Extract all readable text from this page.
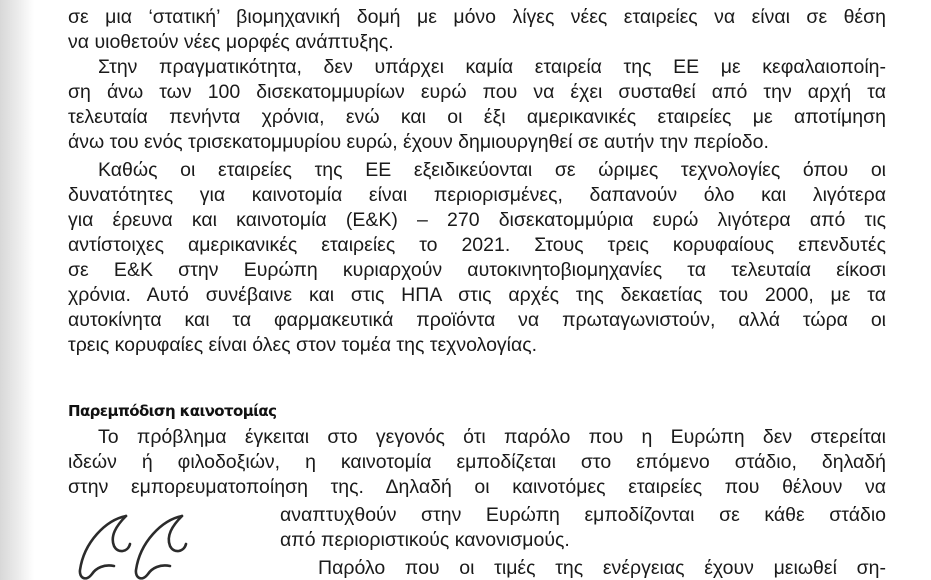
σε μια ‘στατική’ βιομηχανική δομή με μόνο λίγες νέες εταιρείες να είναι σε θέση
να υιοθετούν νέες μορφές ανάπτυξης.
Στην πραγματικότητα, δεν υπάρχει καμία εταιρεία της ΕΕ με κεφαλαιοποίη-
ση άνω των 100 δισεκατομμυρίων ευρώ που να έχει συσταθεί από την αρχή τα
τελευταία πενήντα χρόνια, ενώ και οι έξι αμερικανικές εταιρείες με αποτίμηση
άνω του ενός τρισεκατομμυρίου ευρώ, έχουν δημιουργηθεί σε αυτήν την περίοδο.
Καθώς οι εταιρείες της ΕΕ εξειδικεύονται σε ώριμες τεχνολογίες όπου οι
δυνατότητες για καινοτομία είναι περιορισμένες, δαπανούν όλο και λιγότερα
για έρευνα και καινοτομία (Ε&Κ) – 270 δισεκατομμύρια ευρώ λιγότερα από τις
αντίστοιχες αμερικανικές εταιρείες το 2021. Στους τρεις κορυφαίους επενδυτές
σε Ε&Κ στην Ευρώπη κυριαρχούν αυτοκινητοβιομηχανίες τα τελευταία είκοσι
χρόνια. Αυτό συνέβαινε και στις ΗΠΑ στις αρχές της δεκαετίας του 2000, με τα
αυτοκίνητα και τα φαρμακευτικά προϊόντα να πρωταγωνιστούν, αλλά τώρα οι
τρεις κορυφαίες είναι όλες στον τομέα της τεχνολογίας.
Παρεμπόδιση καινοτομίας
Το πρόβλημα έγκειται στο γεγονός ότι παρόλο που η Ευρώπη δεν στερείται
ιδεών ή φιλοδοξιών, η καινοτομία εμποδίζεται στο επόμενο στάδιο, δηλαδή
στην εμπορευματοποίηση της. Δηλαδή οι καινοτόμες εταιρείες που θέλουν να
αναπτυχθούν στην Ευρώπη εμποδίζονται σε κάθε στάδιο
από περιοριστικούς κανονισμούς.
Παρόλο που οι τιμές της ενέργειας έχουν μειωθεί ση-
